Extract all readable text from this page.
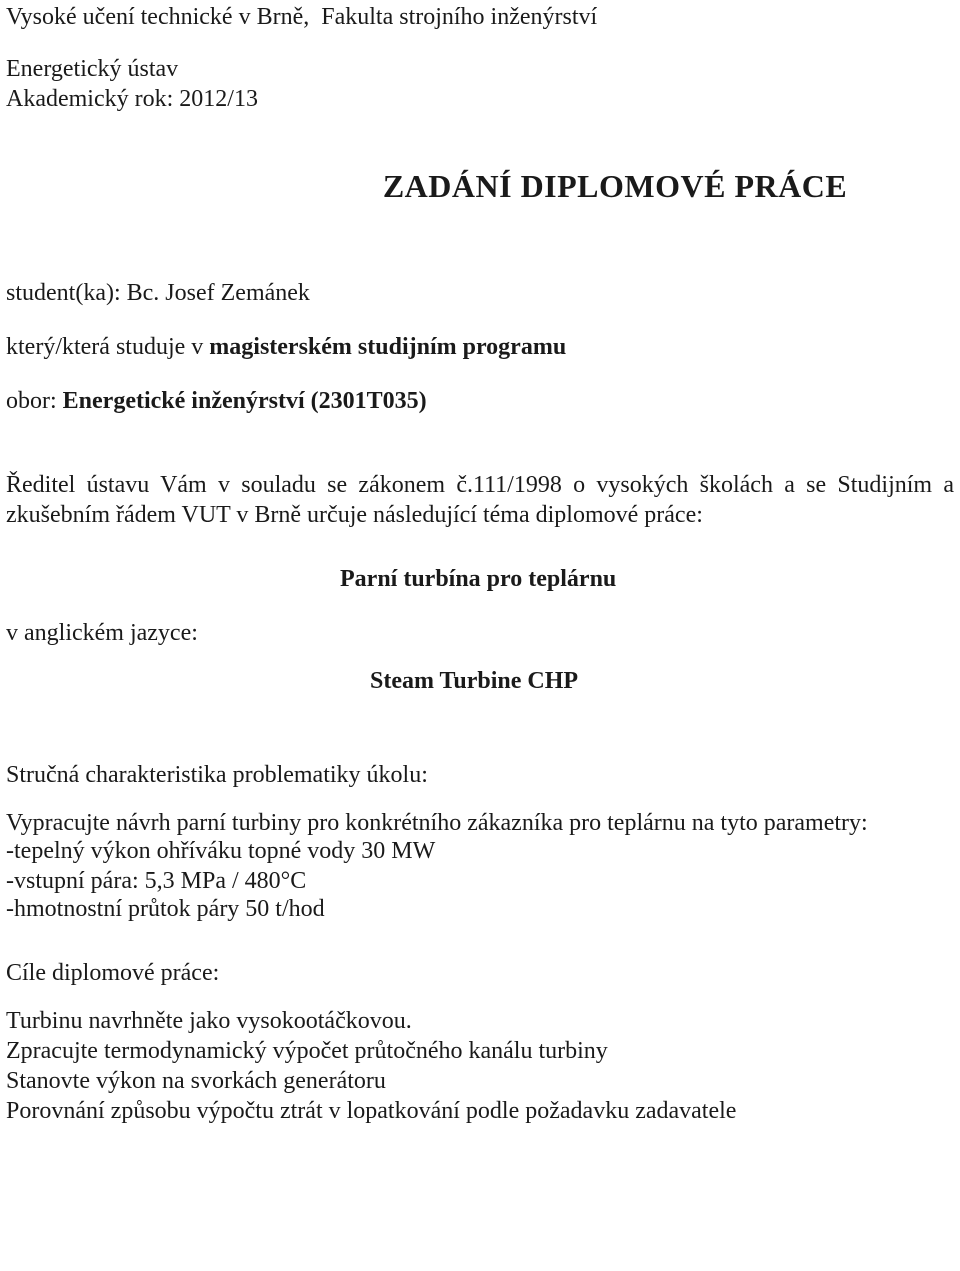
Vysoké učení technické v Brně, Fakulta strojního inženýrství
Energetický ústav
Akademický rok: 2012/13
ZADÁNÍ DIPLOMOVÉ PRÁCE
student(ka): Bc. Josef Zemánek
který/která studuje v magisterském studijním programu
obor: Energetické inženýrství (2301T035)
Ředitel ústavu Vám v souladu se zákonem č.111/1998 o vysokých školách a se Studijním a zkušebním řádem VUT v Brně určuje následující téma diplomové práce:
Parní turbína pro teplárnu
v anglickém jazyce:
Steam Turbine CHP
Stručná charakteristika problematiky úkolu:
Vypracujte návrh parní turbiny pro konkrétního zákazníka pro teplárnu na tyto parametry:
-tepelný výkon ohříváku topné vody 30 MW
-vstupní pára: 5,3 MPa / 480°C
-hmotnostní průtok páry 50 t/hod
Cíle diplomové práce:
Turbinu navrhněte jako vysokootáčkovou.
Zpracujte termodynamický výpočet průtočného kanálu turbiny
Stanovte výkon na svorkách generátoru
Porovnání způsobu výpočtu ztrát v lopatkování podle požadavku zadavatele
